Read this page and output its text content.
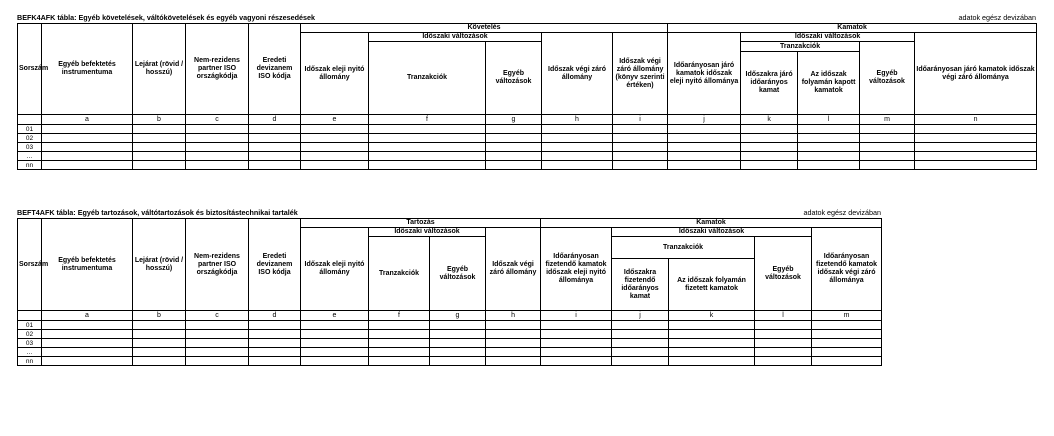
BEFK4AFK tábla: Egyéb követelések, váltókövetelések és egyéb vagyoni részesedések	adatok egész devizában
Sorszám	Egyéb befektetés instrumentuma	Lejárat (rövid / hosszú)	Nem-rezidens partner ISO országkódja	Eredeti devizanem ISO kódja	Követelés					Kamatok				
					Időszak eleji nyitó állomány	Időszaki változások		Időszak végi záró állomány	Időszak végi záró állomány (könyv szerinti értéken)	Időarányosan járó kamatok időszak eleji nyitó állománya	Időszaki változások			Időarányosan járó kamatok időszak végi záró állománya
						Tranzakciók	Egyéb változások				Tranzakciók		Egyéb változások	
											Időszakra járó időarányos kamat	Az időszak folyamán kapott kamatok		
	a	b	c	d	e	f	g	h	i	j	k	l	m	n
01														
02														
03														
...														
nn														
BEFT4AFK tábla: Egyéb tartozások, váltótartozások és biztosítástechnikai tartalék	adatok egész devizában
Sorszám	Egyéb befektetés instrumentuma	Lejárat (rövid / hosszú)	Nem-rezidens partner ISO országkódja	Eredeti devizanem ISO kódja	Tartozás				Kamatok				
					Időszak eleji nyitó állomány	Időszaki változások		Időszak végi záró állomány	Időarányosan fizetendő kamatok időszak eleji nyitó állománya	Időszaki változások			Időarányosan fizetendő kamatok időszak végi záró állománya
						Tranzakciók	Egyéb változások			Tranzakciók		Egyéb változások	
										Időszakra fizetendő időarányos kamat	Az időszak folyamán fizetett kamatok		
	a	b	c	d	e	f	g	h	i	j	k	l	m
01													
02													
03													
...													
nn													
